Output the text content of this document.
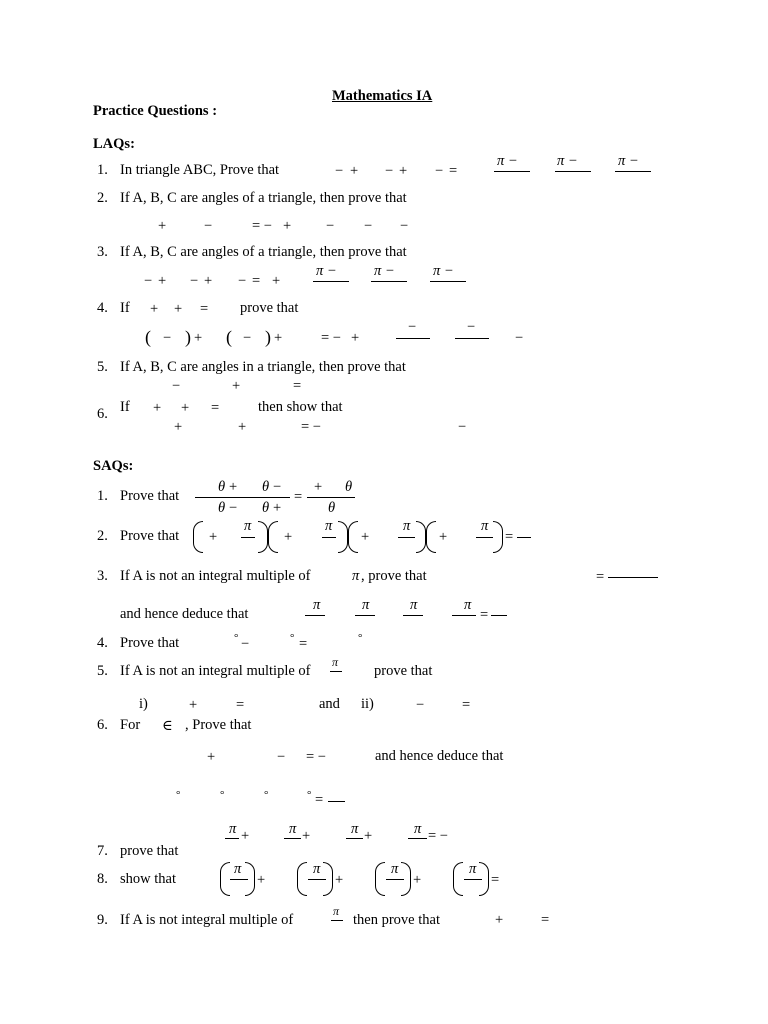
Mathematics IA
Practice Questions :
LAQs:
1. In triangle ABC, Prove that	− + − + − =
π −	π −	π −
2. If A, B, C are angles of a triangle, then prove that
+	−	= − + − − −
3. If A, B, C are angles of a triangle, then prove that
− + − + − = +
π −	π −	π −
4. If + + = prove that
( − ) + ( − ) +	= − +
−	−
−
5. If A, B, C are angles in a triangle, then prove that
−	+	=
6. If + + =	then show that
+	+	= −	−
SAQs:
1. Prove that
θ + θ −
θ − θ +
=
+ θ
θ
2. Prove that +
π
+
π
+
π
+
π
=
3. If A is not an integral multiple of	π , prove that	=
and hence deduce that
π	π	π	π
=
4. Prove that	° −	° =	°
5. If A is not an integral multiple of
π
prove that
i)	+	=	and ii)	−	=
6. For ∈ , Prove that
+	− = −	and hence deduce that
°	°	°	° =
π +	π +	π +	π = −
7. prove that
8. show that
π
+
π
+
π
+
π
=
9. If A is not integral multiple of
π
then prove that	+	=
